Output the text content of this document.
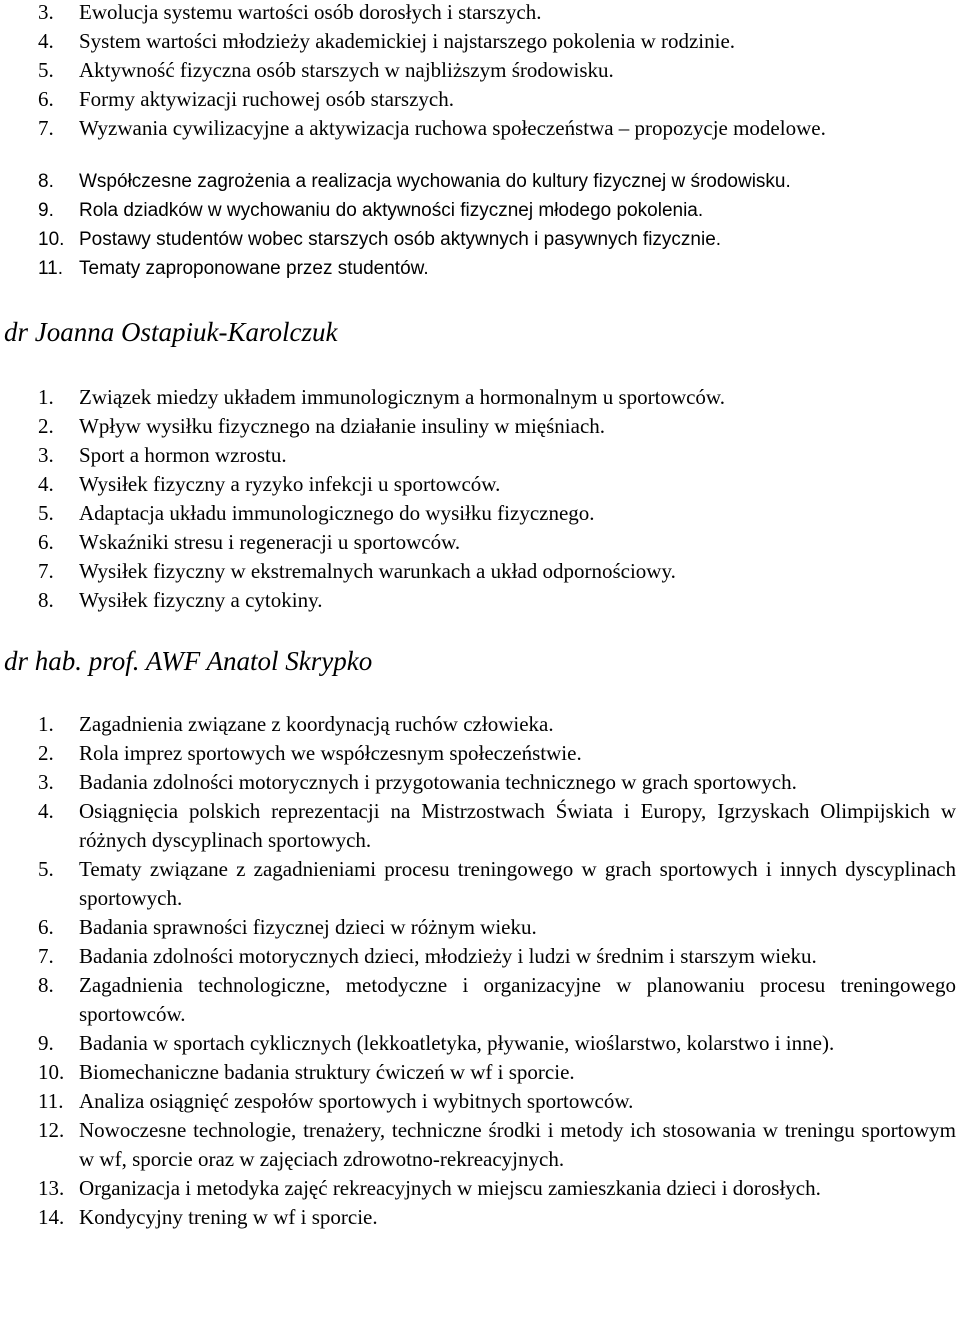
3. Ewolucja systemu wartości osób dorosłych i starszych.
4. System wartości młodzieży akademickiej i najstarszego pokolenia w rodzinie.
5. Aktywność fizyczna osób starszych w najbliższym środowisku.
6. Formy aktywizacji ruchowej osób starszych.
7. Wyzwania cywilizacyjne a aktywizacja ruchowa społeczeństwa – propozycje modelowe.
8. Współczesne zagrożenia a realizacja wychowania do kultury fizycznej w środowisku.
9. Rola dziadków w wychowaniu do aktywności fizycznej młodego pokolenia.
10. Postawy studentów wobec starszych osób aktywnych i pasywnych fizycznie.
11. Tematy zaproponowane przez studentów.
dr Joanna Ostapiuk-Karolczuk
1. Związek miedzy układem immunologicznym a hormonalnym u sportowców.
2. Wpływ wysiłku fizycznego na działanie insuliny w mięśniach.
3. Sport a hormon wzrostu.
4. Wysiłek fizyczny a ryzyko infekcji u sportowców.
5. Adaptacja układu immunologicznego do wysiłku fizycznego.
6. Wskaźniki stresu i regeneracji u sportowców.
7. Wysiłek fizyczny w ekstremalnych warunkach a układ odpornościowy.
8. Wysiłek fizyczny a cytokiny.
dr hab. prof. AWF Anatol Skrypko
1. Zagadnienia związane z koordynacją ruchów człowieka.
2. Rola imprez sportowych we współczesnym społeczeństwie.
3. Badania zdolności motorycznych i przygotowania technicznego w grach sportowych.
4. Osiągnięcia polskich reprezentacji na Mistrzostwach Świata i Europy, Igrzyskach Olimpijskich w różnych dyscyplinach sportowych.
5. Tematy związane z zagadnieniami procesu treningowego w grach sportowych i innych dyscyplinach sportowych.
6. Badania sprawności fizycznej dzieci w różnym wieku.
7. Badania zdolności motorycznych dzieci, młodzieży i ludzi w średnim i starszym wieku.
8. Zagadnienia technologiczne, metodyczne i organizacyjne w planowaniu procesu treningowego sportowców.
9. Badania w sportach cyklicznych (lekkoatletyka, pływanie, wioślarstwo, kolarstwo i inne).
10. Biomechaniczne badania struktury ćwiczeń w wf i sporcie.
11. Analiza osiągnięć zespołów sportowych i wybitnych sportowców.
12. Nowoczesne technologie, trenażery, techniczne środki i metody ich stosowania w treningu sportowym w wf, sporcie oraz w zajęciach zdrowotno-rekreacyjnych.
13. Organizacja i metodyka zajęć rekreacyjnych w miejscu zamieszkania dzieci i dorosłych.
14. Kondycyjny trening w wf i sporcie.
